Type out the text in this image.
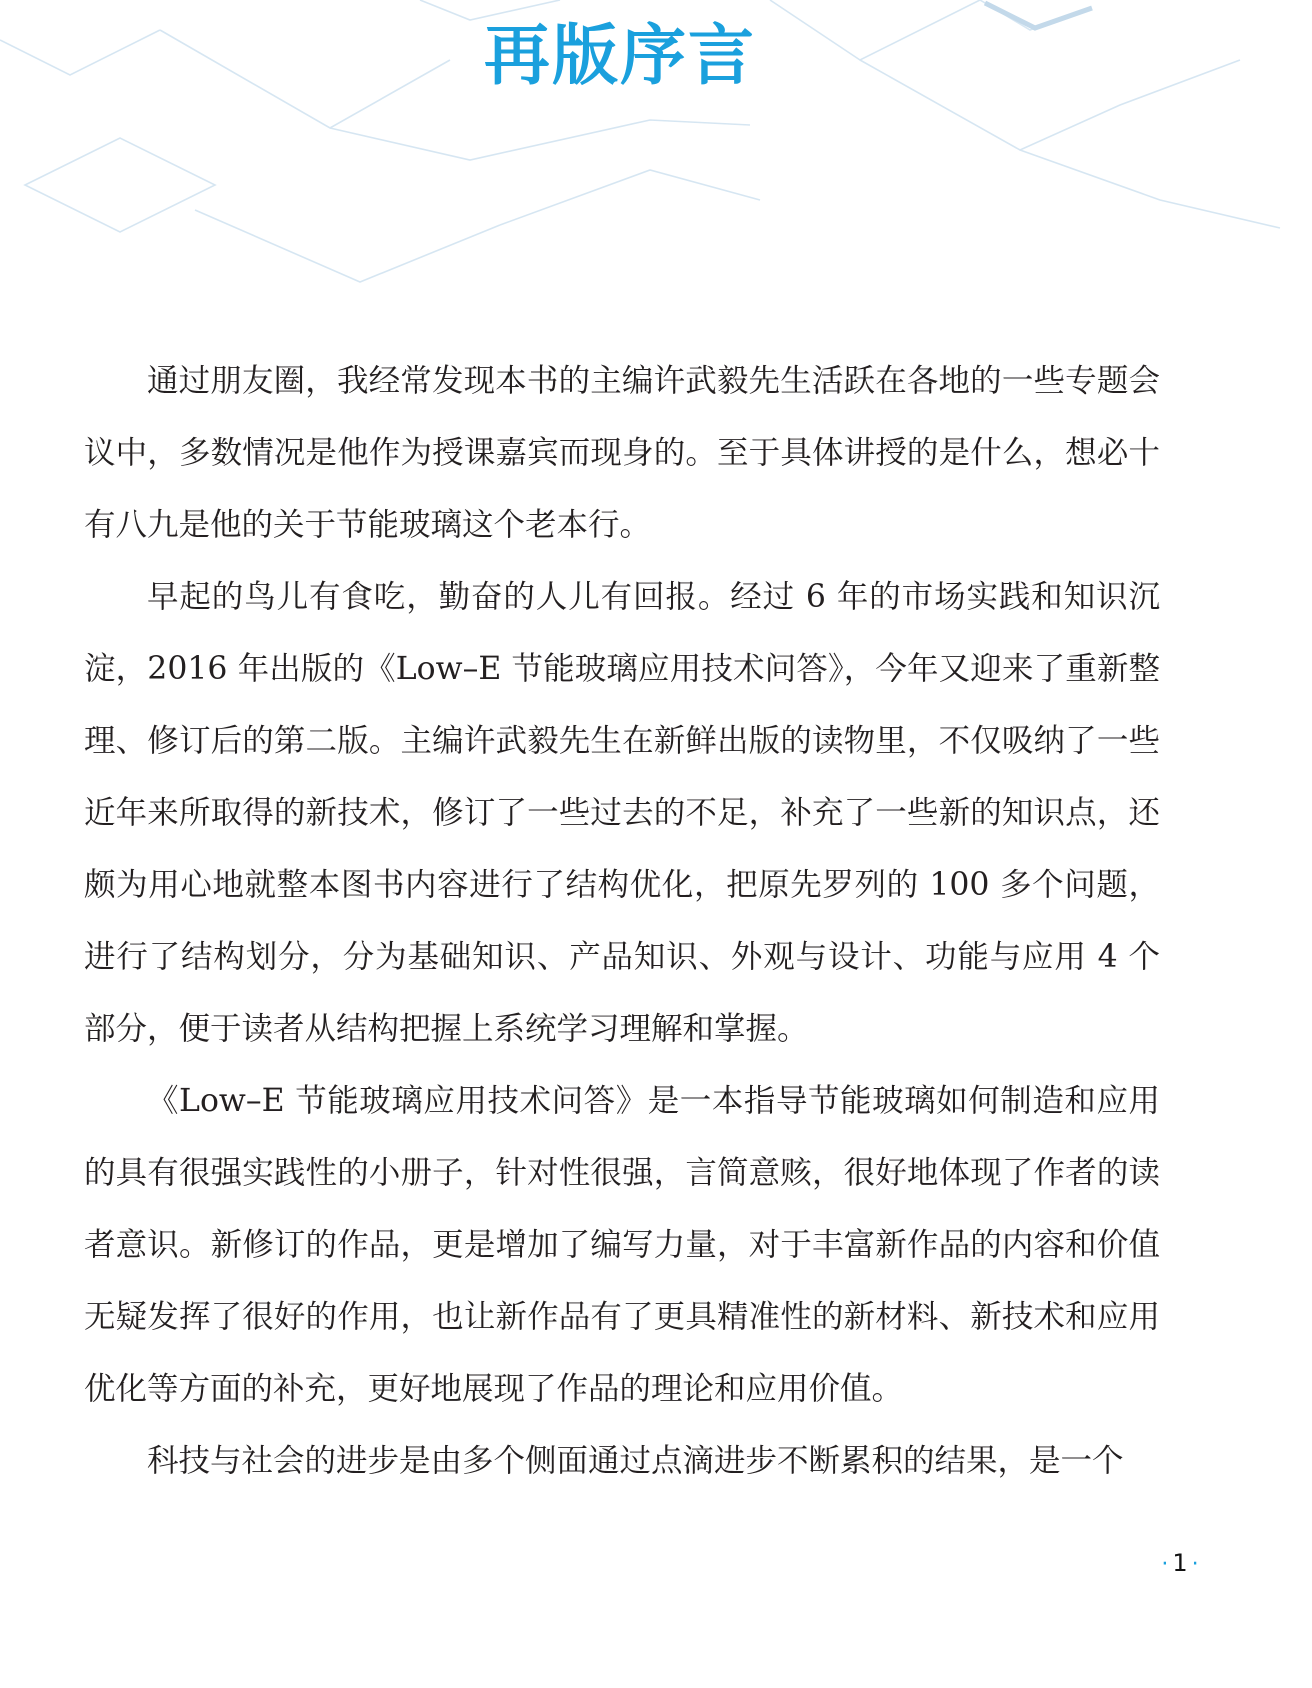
再版序言

通过朋友圈，我经常发现本书的主编许武毅先生活跃在各地的一些专题会议中，多数情况是他作为授课嘉宾而现身的。至于具体讲授的是什么，想必十有八九是他的关于节能玻璃这个老本行。

早起的鸟儿有食吃，勤奋的人儿有回报。经过 6 年的市场实践和知识沉淀，2016 年出版的《Low–E 节能玻璃应用技术问答》，今年又迎来了重新整理、修订后的第二版。主编许武毅先生在新鲜出版的读物里，不仅吸纳了一些近年来所取得的新技术，修订了一些过去的不足，补充了一些新的知识点，还颇为用心地就整本图书内容进行了结构优化，把原先罗列的 100 多个问题，进行了结构划分，分为基础知识、产品知识、外观与设计、功能与应用 4 个部分，便于读者从结构把握上系统学习理解和掌握。

《Low–E 节能玻璃应用技术问答》是一本指导节能玻璃如何制造和应用的具有很强实践性的小册子，针对性很强，言简意赅，很好地体现了作者的读者意识。新修订的作品，更是增加了编写力量，对于丰富新作品的内容和价值无疑发挥了很好的作用，也让新作品有了更具精准性的新材料、新技术和应用优化等方面的补充，更好地展现了作品的理论和应用价值。

科技与社会的进步是由多个侧面通过点滴进步不断累积的结果，是一个

· 1 ·
